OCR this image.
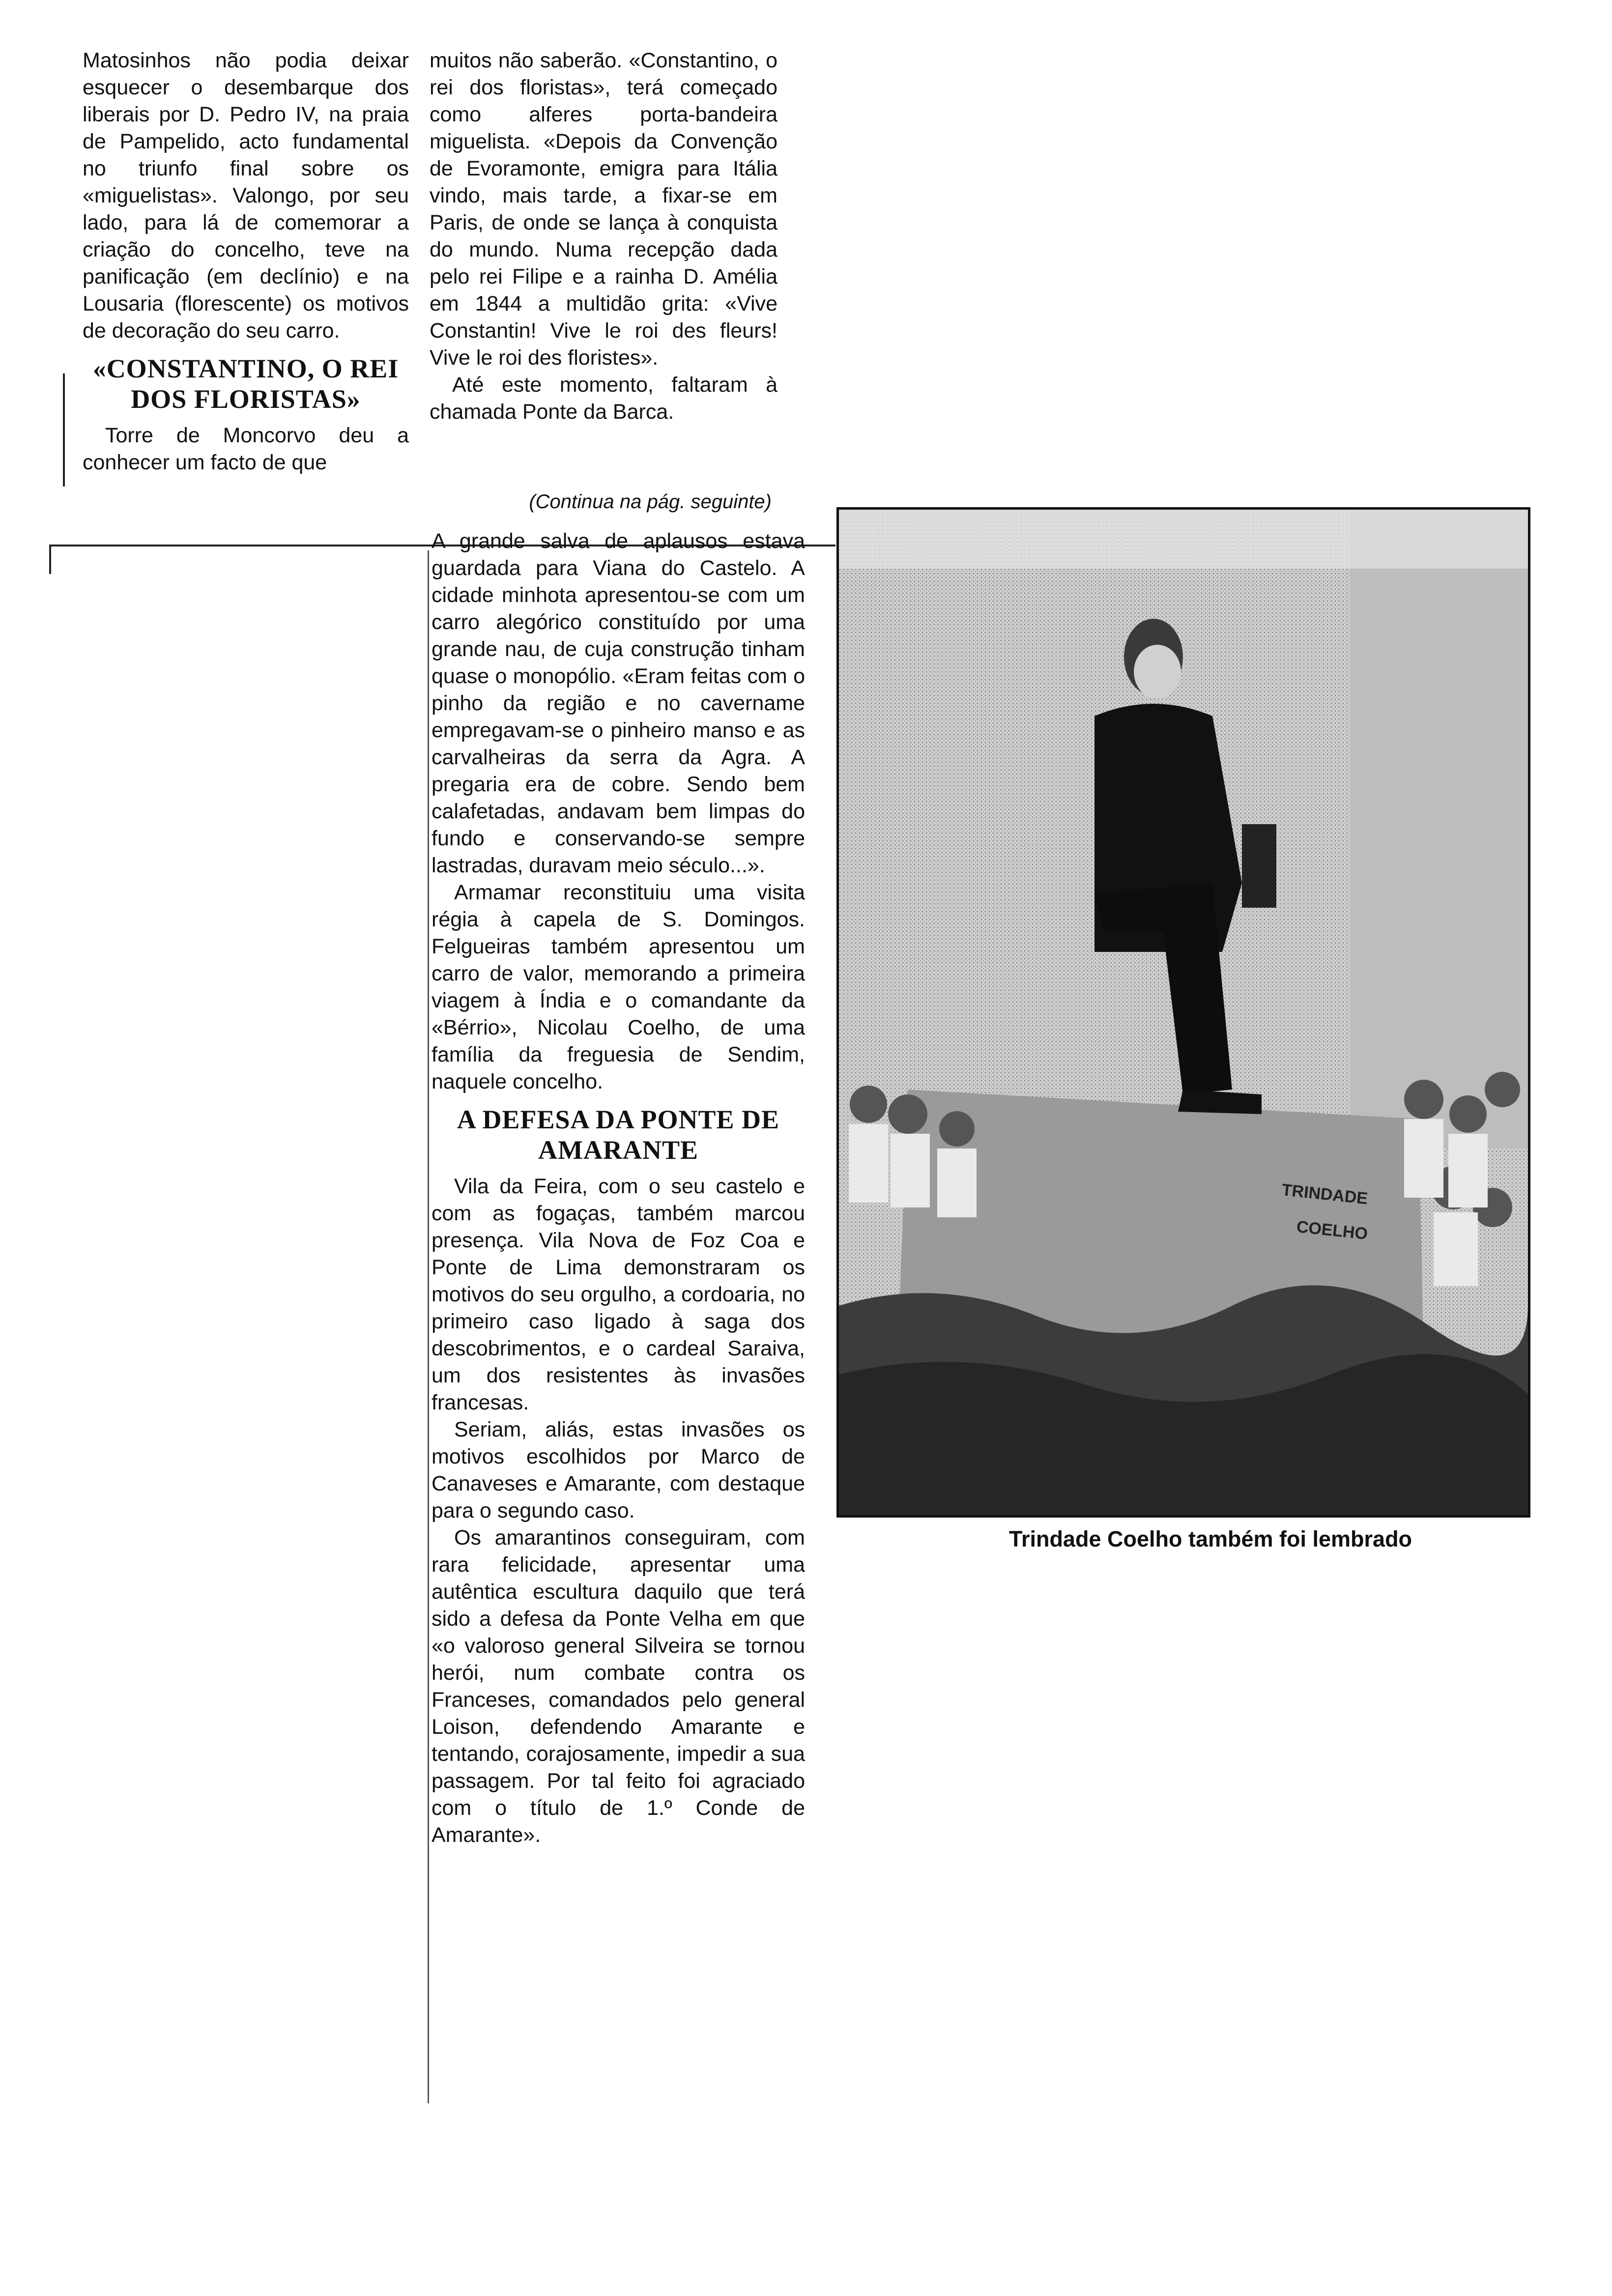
Matosinhos não podia deixar esquecer o desembarque dos liberais por D. Pedro IV, na praia de Pampelido, acto fundamental no triunfo final sobre os «miguelistas». Valongo, por seu lado, para lá de comemorar a criação do concelho, teve na panificação (em declínio) e na Lousaria (florescente) os motivos de decoração do seu carro.

«CONSTANTINO, O REI DOS FLORISTAS»

Torre de Moncorvo deu a conhecer um facto de que

muitos não saberão. «Constantino, o rei dos floristas», terá começado como alferes porta-bandeira miguelista. «Depois da Convenção de Evoramonte, emigra para Itália vindo, mais tarde, a fixar-se em Paris, de onde se lança à conquista do mundo. Numa recepção dada pelo rei Filipe e a rainha D. Amélia em 1844 a multidão grita: «Vive Constantin! Vive le roi des fleurs! Vive le roi des floristes».

Até este momento, faltaram à chamada Ponte da Barca.

(Continua na pág. seguinte)

A grande salva de aplausos estava guardada para Viana do Castelo. A cidade minhota apresentou-se com um carro alegórico constituído por uma grande nau, de cuja construção tinham quase o monopólio. «Eram feitas com o pinho da região e no cavername empregavam-se o pinheiro manso e as carvalheiras da serra da Agra. A pregaria era de cobre. Sendo bem calafetadas, andavam bem limpas do fundo e conservando-se sempre lastradas, duravam meio século...».

Armamar reconstituiu uma visita régia à capela de S. Domingos. Felgueiras também apresentou um carro de valor, memorando a primeira viagem à Índia e o comandante da «Bérrio», Nicolau Coelho, de uma família da freguesia de Sendim, naquele concelho.

A DEFESA DA PONTE DE AMARANTE

Vila da Feira, com o seu castelo e com as fogaças, também marcou presença. Vila Nova de Foz Coa e Ponte de Lima demonstraram os motivos do seu orgulho, a cordoaria, no primeiro caso ligado à saga dos descobrimentos, e o cardeal Saraiva, um dos resistentes às invasões francesas.

Seriam, aliás, estas invasões os motivos escolhidos por Marco de Canaveses e Amarante, com destaque para o segundo caso.

Os amarantinos conseguiram, com rara felicidade, apresentar uma autêntica escultura daquilo que terá sido a defesa da Ponte Velha em que «o valoroso general Silveira se tornou herói, num combate contra os Franceses, comandados pelo general Loison, defendendo Amarante e tentando, corajosamente, impedir a sua passagem. Por tal feito foi agraciado com o título de 1.º Conde de Amarante».

TRINDADE
COELHO
Trindade Coelho também foi lembrado
